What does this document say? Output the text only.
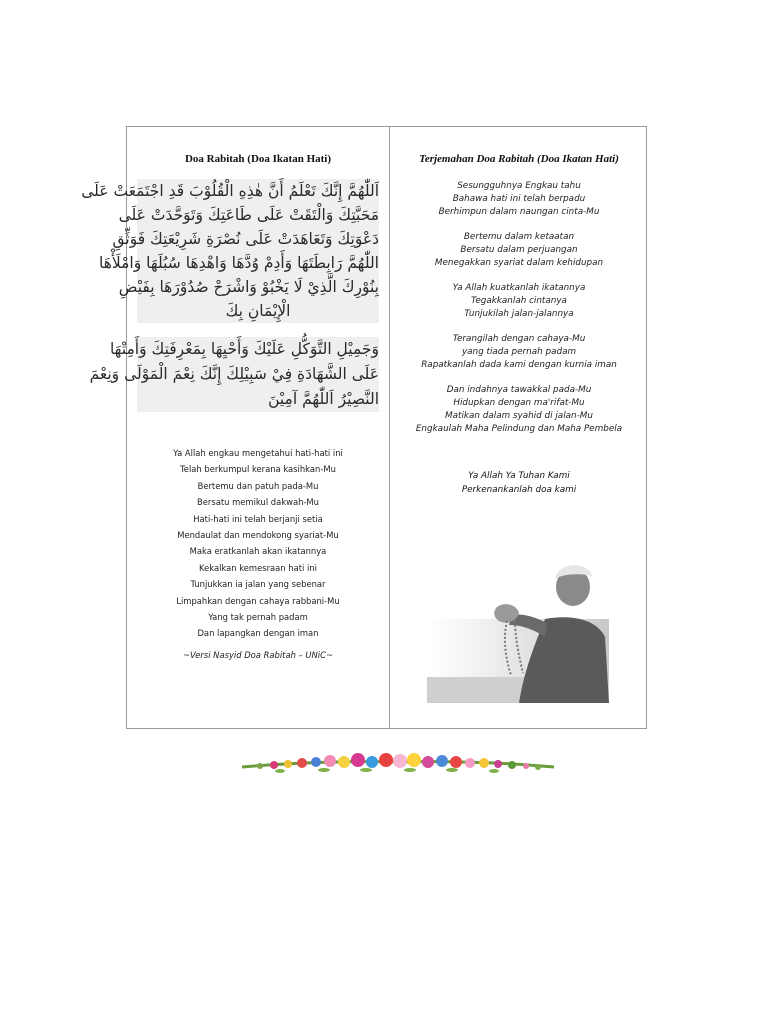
Doa Rabitah (Doa Ikatan Hati)
اَللّٰهُمَّ إِنَّكَ تَعْلَمُ أَنَّ هٰذِهِ الْقُلُوْبَ قَدِ اجْتَمَعَتْ عَلَى
مَحَبَّتِكَ وَالْتَقَتْ عَلَى طَاعَتِكَ وَتَوَحَّدَتْ عَلَى
دَعْوَتِكَ وَتَعَاهَدَتْ عَلَى نُصْرَةِ شَرِيْعَتِكَ فَوَثِّقِ
اللّٰهُمَّ رَابِطَتَهَا وَأَدِمْ وُدَّهَا وَاهْدِهَا سُبُلَهَا وَامْلَأْهَا
بِنُوْرِكَ الَّذِيْ لَا يَخْبُوْ وَاشْرَحْ صُدُوْرَهَا بِفَيْضِ
الْإِيْمَانِ بِكَ
وَجَمِيْلِ التَّوَكُّلِ عَلَيْكَ وَأَحْيِهَا بِمَعْرِفَتِكَ وَأَمِتْهَا
عَلَى الشَّهَادَةِ فِيْ سَبِيْلِكَ إِنَّكَ نِعْمَ الْمَوْلَى وَنِعْمَ
النَّصِيْرُ اَللّٰهُمَّ آمِيْنَ
Ya Allah engkau mengetahui hati-hati ini
Telah berkumpul kerana kasihkan-Mu
Bertemu dan patuh pada-Mu
Bersatu memikul dakwah-Mu
Hati-hati ini telah berjanji setia
Mendaulat dan mendokong syariat-Mu
Maka eratkanlah akan ikatannya
Kekalkan kemesraan hati ini
Tunjukkan ia jalan yang sebenar
Limpahkan dengan cahaya rabbani-Mu
Yang tak pernah padam
Dan lapangkan dengan iman
~Versi Nasyid Doa Rabitah – UNiC~
Terjemahan Doa Rabitah (Doa Ikatan Hati)
Sesungguhnya Engkau tahu
Bahawa hati ini telah berpadu
Berhimpun dalam naungan cinta-Mu
Bertemu dalam ketaatan
Bersatu dalam perjuangan
Menegakkan syariat dalam kehidupan
Ya Allah kuatkanlah ikatannya
Tegakkanlah cintanya
Tunjukilah jalan-jalannya
Terangilah dengan cahaya-Mu
yang tiada pernah padam
Rapatkanlah dada kami dengan kurnia iman
Dan indahnya tawakkal pada-Mu
Hidupkan dengan ma'rifat-Mu
Matikan dalam syahid di jalan-Mu
Engkaulah Maha Pelindung dan Maha Pembela
Ya Allah Ya Tuhan Kami
Perkenankanlah doa kami
